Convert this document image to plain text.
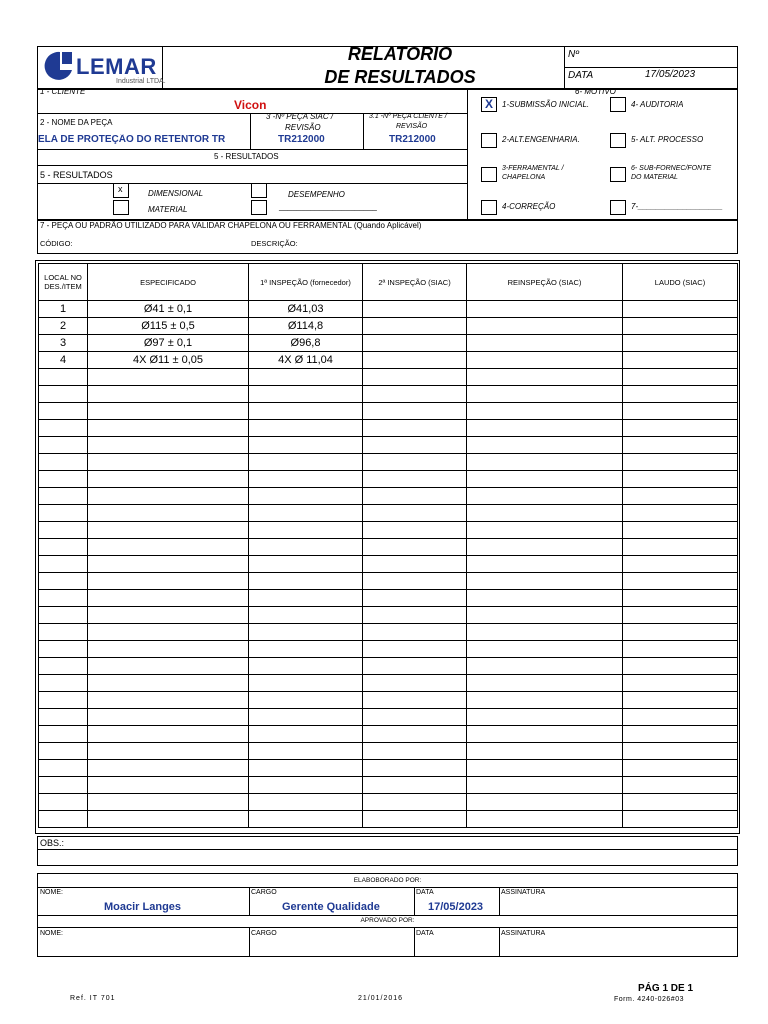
LEMAR
Industrial LTDA.
RELATORIO
DE RESULTADOS
Nº
DATA	17/05/2023
1 - CLIENTE
Vicon
6- MOTIVO
2 - NOME DA PEÇA
ELA DE PROTEÇÃO DO RETENTOR TR
3 -Nº PEÇA SIAC /
REVISÃO
TR212000
3.1 -Nº PEÇA CLIENTE /
REVISÃO
TR212000
5 - RESULTADOS
5 - RESULTADOS
x	DIMENSIONAL	DESEMPENHO
MATERIAL	______________________
X 1-SUBMISSÃO INICIAL.	4- AUDITORIA
2-ALT.ENGENHARIA.	5- ALT. PROCESSO
3-FERRAMENTAL /
CHAPELONA
6- SUB-FORNEC/FONTE
DO MATERIAL
4-CORREÇÃO	7-___________________
7 - PEÇA OU PADRÃO UTILIZADO PARA VALIDAR CHAPELONA OU FERRAMENTAL (Quando Aplicável)
CÓDIGO:	DESCRIÇÃO:
LOCAL NO DES./ITEM	ESPECIFICADO	1ª INSPEÇÃO (fornecedor)	2ª INSPEÇÃO (SIAC)	REINSPEÇÃO (SIAC)	LAUDO (SIAC)
1	Ø41 ± 0,1	Ø41,03			
2	Ø115 ± 0,5	Ø114,8			
3	Ø97 ± 0,1	Ø96,8			
4	4X Ø11 ± 0,05	4X Ø 11,04			

OBS.:
ELABOBORADO POR:
NOME:	CARGO	DATA	ASSINATURA
Moacir Langes	Gerente Qualidade	17/05/2023
APROVADO POR:
NOME:	CARGO	DATA	ASSINATURA
PÁG 1 DE 1
Ref. IT 701	21/01/2016	Form. 4240-026#03
